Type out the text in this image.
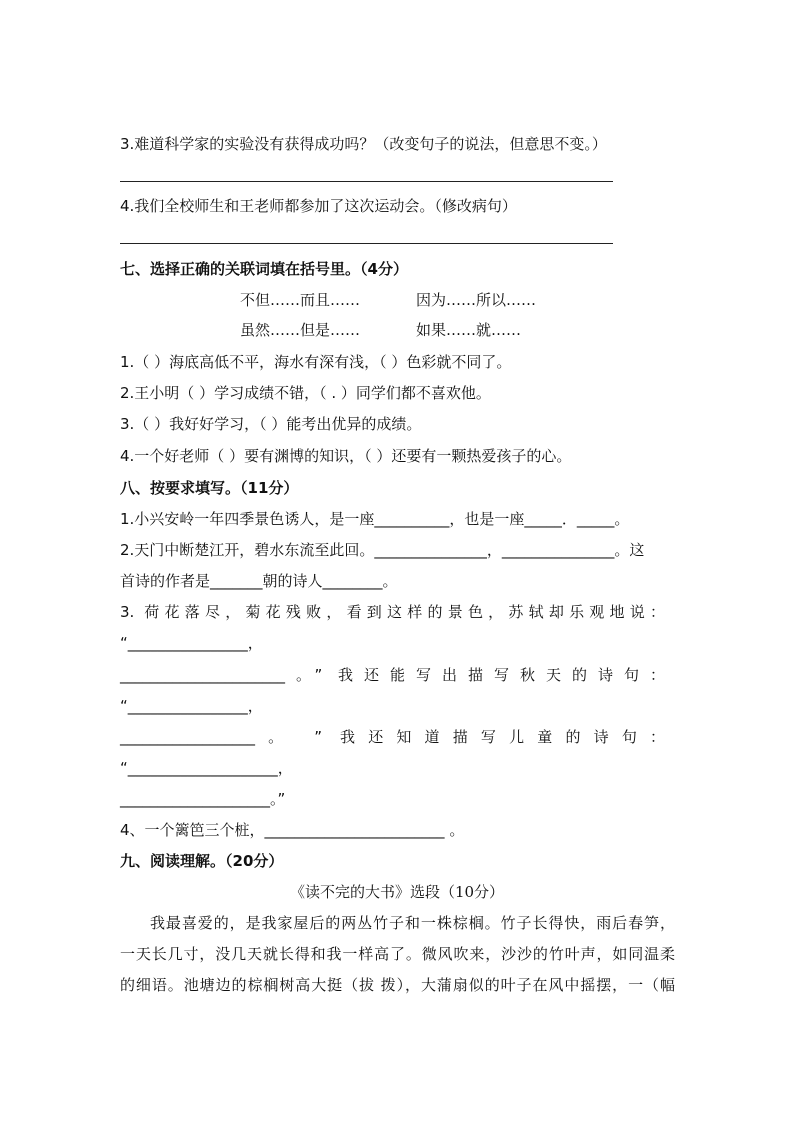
3.难道科学家的实验没有获得成功吗？（改变句子的说法，但意思不变。）
4.我们全校师生和王老师都参加了这次运动会。（修改病句）
七、选择正确的关联词填在括号里。（4分）
不但……而且……	因为……所以……
虽然……但是……	如果……就……
1.（ ）海底高低不平，海水有深有浅，（ ）色彩就不同了。
2.王小明（ ）学习成绩不错，（ . ）同学们都不喜欢他。
3.（ ）我好好学习，（ ）能考出优异的成绩。
4.一个好老师（ ）要有渊博的知识，（ ）还要有一颗热爱孩子的心。
八、按要求填写。（11分）
1.小兴安岭一年四季景色诱人，是一座__________，也是一座_____．_____。
2.天门中断楚江开，碧水东流至此回。_______________，_______________。这
首诗的作者是_______朝的诗人________。
3. 荷花落尽，菊花残败，看到这样的景色，苏轼却乐观地说：
“________________，
______________________。” 我还能写出描写秋天的诗句：
“________________，
__________________。 ” 我还知道描写儿童的诗句：
“____________________，
____________________。”
4、一个篱笆三个桩，________________________ 。
九、阅读理解。（20分）
《读不完的大书》选段（10分）
我最喜爱的，是我家屋后的两丛竹子和一株棕榈。竹子长得快，雨后春笋，
一天长几寸，没几天就长得和我一样高了。微风吹来，沙沙的竹叶声，如同温柔
的细语。池塘边的棕榈树高大挺（拔 拨），大蒲扇似的叶子在风中摇摆，一（幅
